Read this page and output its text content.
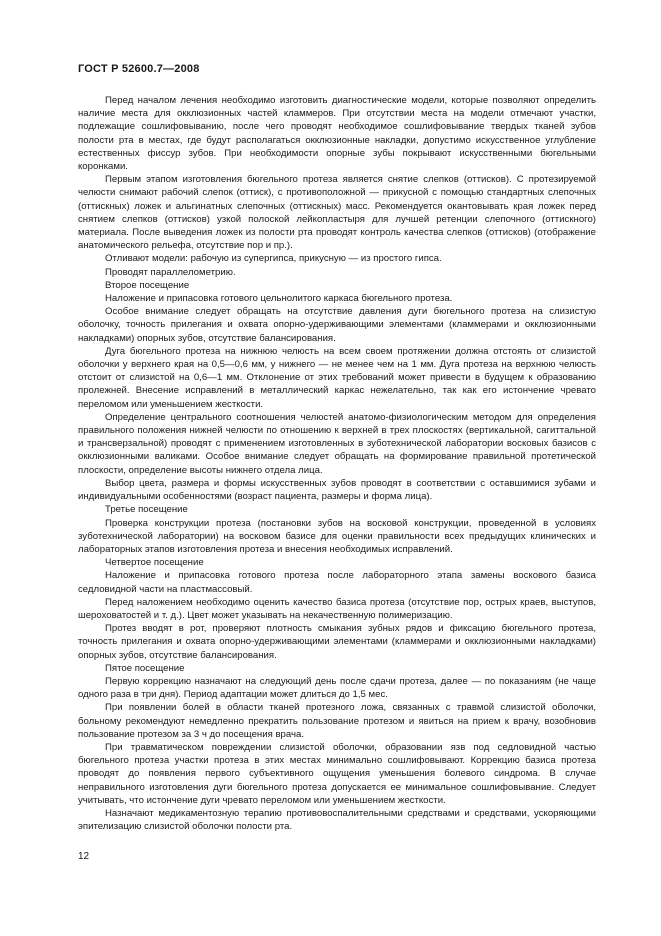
ГОСТ Р 52600.7—2008

Перед началом лечения необходимо изготовить диагностические модели, которые позволяют определить наличие места для окклюзионных частей кламмеров. При отсутствии места на модели отмечают участки, подлежащие сошлифовыванию, после чего проводят необходимое сошлифовывание твердых тканей зубов полости рта в местах, где будут располагаться окклюзионные накладки, допустимо искусственное углубление естественных фиссур зубов. При необходимости опорные зубы покрывают искусственными бюгельными коронками.

Первым этапом изготовления бюгельного протеза является снятие слепков (оттисков). С протезируемой челюсти снимают рабочий слепок (оттиск), с противоположной — прикусной с помощью стандартных слепочных (оттискных) ложек и альгинатных слепочных (оттискных) масс. Рекомендуется окантовывать края ложек перед снятием слепков (оттисков) узкой полоской лейкопластыря для лучшей ретенции слепочного (оттискного) материала. После выведения ложек из полости рта проводят контроль качества слепков (оттисков) (отображение анатомического рельефа, отсутствие пор и пр.).

Отливают модели: рабочую из супергипса, прикусную — из простого гипса.

Проводят параллелометрию.

Второе посещение

Наложение и припасовка готового цельнолитого каркаса бюгельного протеза.

Особое внимание следует обращать на отсутствие давления дуги бюгельного протеза на слизистую оболочку, точность прилегания и охвата опорно-удерживающими элементами (кламмерами и окклюзионными накладками) опорных зубов, отсутствие балансирования.

Дуга бюгельного протеза на нижнюю челюсть на всем своем протяжении должна отстоять от слизистой оболочки у верхнего края на 0,5—0,6 мм, у нижнего — не менее чем на 1 мм. Дуга протеза на верхнюю челюсть отстоит от слизистой на 0,6—1 мм. Отклонение от этих требований может привести в будущем к образованию пролежней. Внесение исправлений в металлический каркас нежелательно, так как его истончение чревато переломом или уменьшением жесткости.

Определение центрального соотношения челюстей анатомо-физиологическим методом для определения правильного положения нижней челюсти по отношению к верхней в трех плоскостях (вертикальной, сагиттальной и трансверзальной) проводят с применением изготовленных в зуботехнической лаборатории восковых базисов с окклюзионными валиками. Особое внимание следует обращать на формирование правильной протетической плоскости, определение высоты нижнего отдела лица.

Выбор цвета, размера и формы искусственных зубов проводят в соответствии с оставшимися зубами и индивидуальными особенностями (возраст пациента, размеры и форма лица).

Третье посещение

Проверка конструкции протеза (постановки зубов на восковой конструкции, проведенной в условиях зуботехнической лаборатории) на восковом базисе для оценки правильности всех предыдущих клинических и лабораторных этапов изготовления протеза и внесения необходимых исправлений.

Четвертое посещение

Наложение и припасовка готового протеза после лабораторного этапа замены воскового базиса седловидной части на пластмассовый.

Перед наложением необходимо оценить качество базиса протеза (отсутствие пор, острых краев, выступов, шероховатостей и т. д.). Цвет может указывать на некачественную полимеризацию.

Протез вводят в рот, проверяют плотность смыкания зубных рядов и фиксацию бюгельного протеза, точность прилегания и охвата опорно-удерживающими элементами (кламмерами и окклюзионными накладками) опорных зубов, отсутствие балансирования.

Пятое посещение

Первую коррекцию назначают на следующий день после сдачи протеза, далее — по показаниям (не чаще одного раза в три дня). Период адаптации может длиться до 1,5 мес.

При появлении болей в области тканей протезного ложа, связанных с травмой слизистой оболочки, больному рекомендуют немедленно прекратить пользование протезом и явиться на прием к врачу, возобновив пользование протезом за 3 ч до посещения врача.

При травматическом повреждении слизистой оболочки, образовании язв под седловидной частью бюгельного протеза участки протеза в этих местах минимально сошлифовывают. Коррекцию базиса протеза проводят до появления первого субъективного ощущения уменьшения болевого синдрома. В случае неправильного изготовления дуги бюгельного протеза допускается ее минимальное сошлифовывание. Следует учитывать, что истончение дуги чревато переломом или уменьшением жесткости.

Назначают медикаментозную терапию противовоспалительными средствами и средствами, ускоряющими эпителизацию слизистой оболочки полости рта.

12
